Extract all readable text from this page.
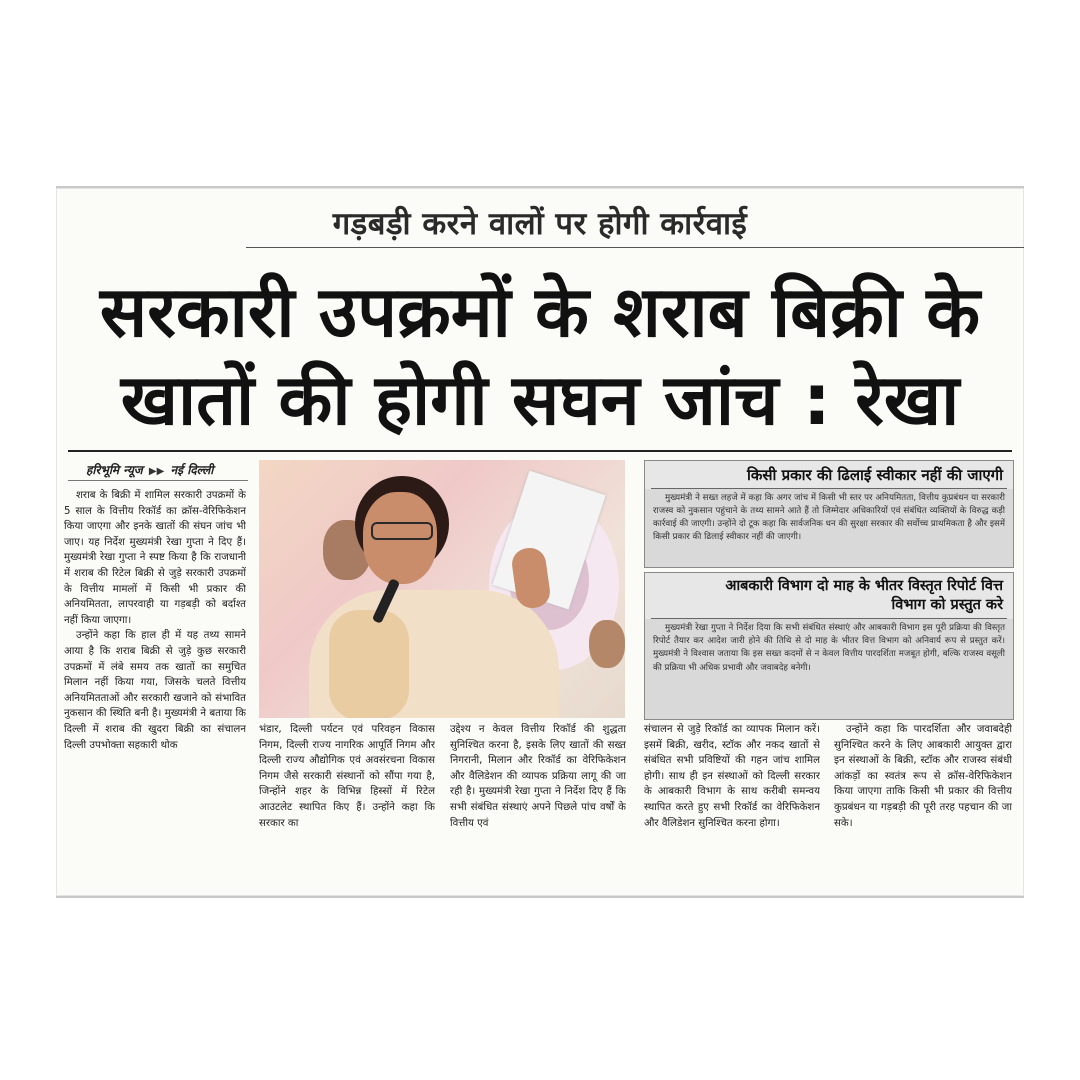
गड़बड़ी करने वालों पर होगी कार्रवाई
सरकारी उपक्रमों के शराब बिक्री के
खातों की होगी सघन जांच : रेखा
हरिभूमि न्यूज ▶▶ नई दिल्ली

शराब के बिक्री में शामिल सरकारी उपक्रमों के 5 साल के वित्तीय रिकॉर्ड का क्रॉस-वेरिफिकेशन किया जाएगा और इनके खातों की संघन जांच भी जाए। यह निर्देश मुख्यमंत्री रेखा गुप्ता ने दिए हैं। मुख्यमंत्री रेखा गुप्ता ने स्पष्ट किया है कि राजधानी में शराब की रिटेल बिक्री से जुड़े सरकारी उपक्रमों के वित्तीय मामलों में किसी भी प्रकार की अनियमितता, लापरवाही या गड़बड़ी को बर्दाश्त नहीं किया जाएगा।

उन्होंने कहा कि हाल ही में यह तथ्य सामने आया है कि शराब बिक्री से जुड़े कुछ सरकारी उपक्रमों में लंबे समय तक खातों का समुचित मिलान नहीं किया गया, जिसके चलते वित्तीय अनियमितताओं और सरकारी खजाने को संभावित नुकसान की स्थिति बनी है। मुख्यमंत्री ने बताया कि दिल्ली में शराब की खुदरा बिक्री का संचालन दिल्ली उपभोक्ता सहकारी थोक

किसी प्रकार की ढिलाई स्वीकार नहीं की जाएगी

मुख्यमंत्री ने सख्त लहजे में कहा कि अगर जांच में किसी भी स्तर पर अनियमितता, वित्तीय कुप्रबंधन या सरकारी राजस्व को नुकसान पहुंचाने के तथ्य सामने आते हैं तो जिम्मेदार अधिकारियों एवं संबंधित व्यक्तियों के विरुद्ध कड़ी कार्रवाई की जाएगी। उन्होंने दो टूक कहा कि सार्वजनिक धन की सुरक्षा सरकार की सर्वोच्च प्राथमिकता है और इसमें किसी प्रकार की ढिलाई स्वीकार नहीं की जाएगी।

आबकारी विभाग दो माह के भीतर विस्तृत रिपोर्ट वित्त
विभाग को प्रस्तुत करे

मुख्यमंत्री रेखा गुप्ता ने निर्देश दिया कि सभी संबंधित संस्थाएं और आबकारी विभाग इस पूरी प्रक्रिया की विस्तृत रिपोर्ट तैयार कर आदेश जारी होने की तिथि से दो माह के भीतर वित्त विभाग को अनिवार्य रूप से प्रस्तुत करें। मुख्यमंत्री ने विश्वास जताया कि इस सख्त कदमों से न केवल वित्तीय पारदर्शिता मजबूत होगी, बल्कि राजस्व वसूली की प्रक्रिया भी अधिक प्रभावी और जवाबदेह बनेगी।

भंडार, दिल्ली पर्यटन एवं परिवहन विकास निगम, दिल्ली राज्य नागरिक आपूर्ति निगम और दिल्ली राज्य औद्योगिक एवं अवसंरचना विकास निगम जैसे सरकारी संस्थानों को सौंपा गया है, जिन्होंने शहर के विभिन्न हिस्सों में रिटेल आउटलेट स्थापित किए हैं। उन्होंने कहा कि सरकार का

उद्देश्य न केवल वित्तीय रिकॉर्ड की शुद्धता सुनिश्चित करना है, इसके लिए खातों की सख्त निगरानी, मिलान और रिकॉर्ड का वेरिफिकेशन और वैलिडेशन की व्यापक प्रक्रिया लागू की जा रही है। मुख्यमंत्री रेखा गुप्ता ने निर्देश दिए हैं कि सभी संबंधित संस्थाएं अपने पिछले पांच वर्षों के वित्तीय एवं

संचालन से जुड़े रिकॉर्ड का व्यापक मिलान करें। इसमें बिक्री, खरीद, स्टॉक और नकद खातों से संबंधित सभी प्रविष्टियों की गहन जांच शामिल होगी। साथ ही इन संस्थाओं को दिल्ली सरकार के आबकारी विभाग के साथ करीबी समन्वय स्थापित करते हुए सभी रिकॉर्ड का वेरिफिकेशन और वैलिडेशन सुनिश्चित करना होगा।

उन्होंने कहा कि पारदर्शिता और जवाबदेही सुनिश्चित करने के लिए आबकारी आयुक्त द्वारा इन संस्थाओं के बिक्री, स्टॉक और राजस्व संबंधी आंकड़ों का स्वतंत्र रूप से क्रॉस-वेरिफिकेशन किया जाएगा ताकि किसी भी प्रकार की वित्तीय कुप्रबंधन या गड़बड़ी की पूरी तरह पहचान की जा सके।
